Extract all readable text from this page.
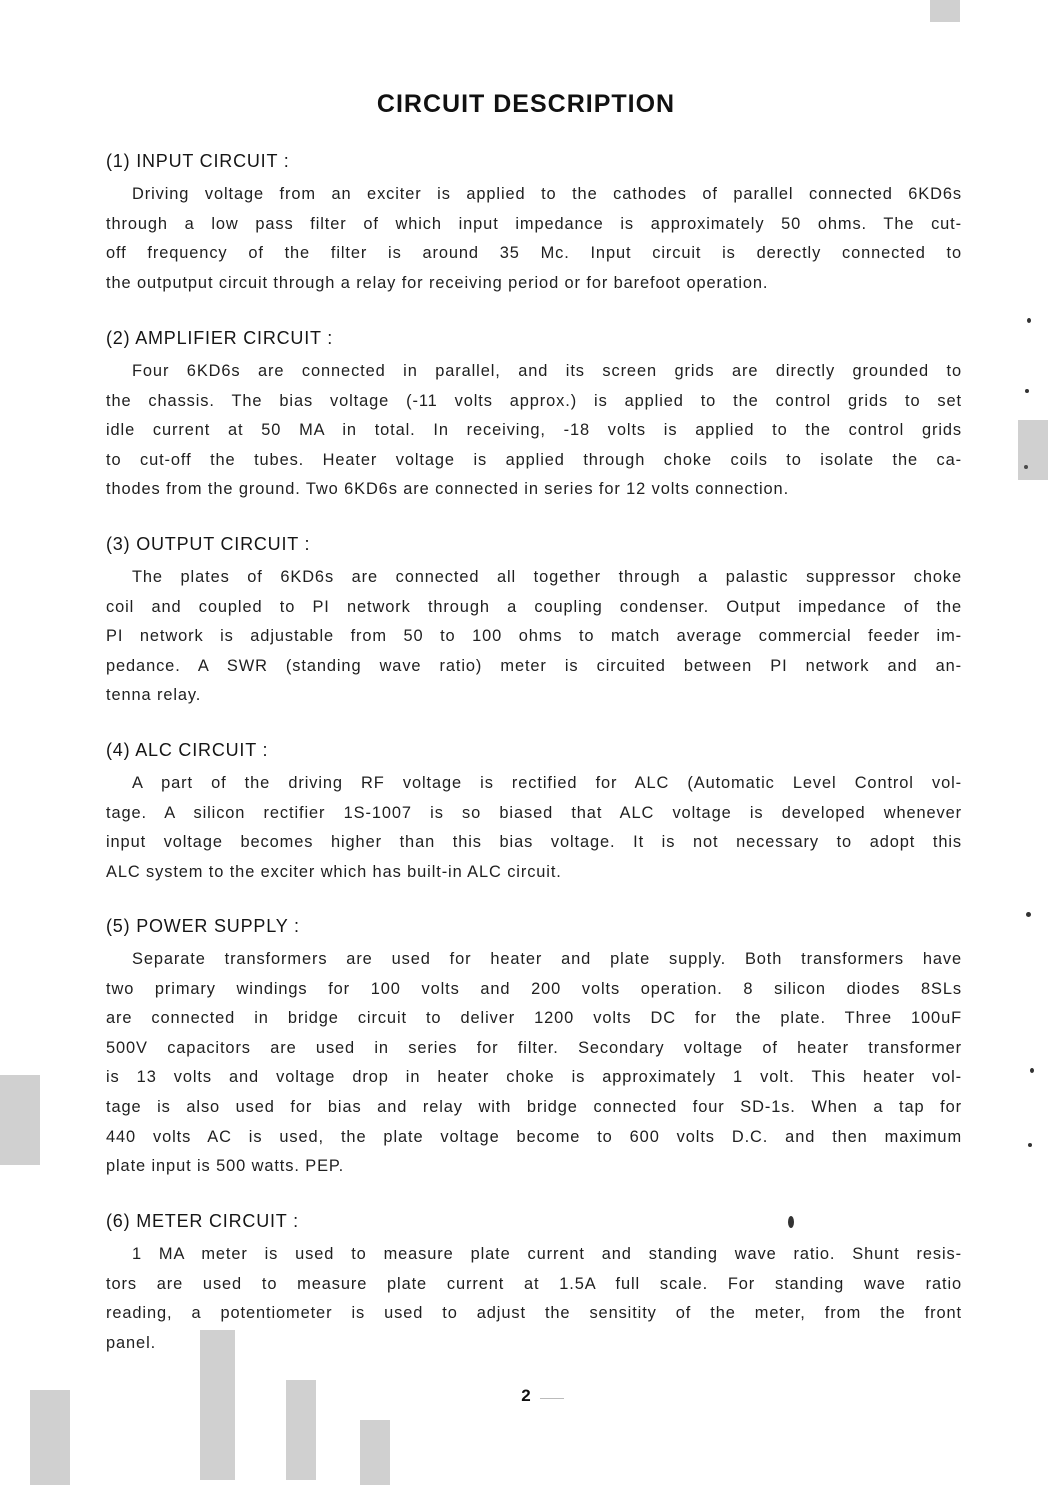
CIRCUIT DESCRIPTION
(1) INPUT CIRCUIT :
Driving voltage from an exciter is applied to the cathodes of parallel connected 6KD6s
through a low pass filter of which input impedance is approximately 50 ohms. The cut-
off frequency of the filter is around 35 Mc. Input circuit is derectly connected to
the outputput circuit through a relay for receiving period or for barefoot operation.
(2) AMPLIFIER CIRCUIT :
Four 6KD6s are connected in parallel, and its screen grids are directly grounded to
the chassis. The bias voltage (-11 volts approx.) is applied to the control grids to set
idle current at 50 MA in total. In receiving, -18 volts is applied to the control grids
to cut-off the tubes. Heater voltage is applied through choke coils to isolate the ca-
thodes from the ground. Two 6KD6s are connected in series for 12 volts connection.
(3) OUTPUT CIRCUIT :
The plates of 6KD6s are connected all together through a palastic suppressor choke
coil and coupled to PI network through a coupling condenser. Output impedance of the
PI network is adjustable from 50 to 100 ohms to match average commercial feeder im-
pedance. A SWR (standing wave ratio) meter is circuited between PI network and an-
tenna relay.
(4) ALC CIRCUIT :
A part of the driving RF voltage is rectified for ALC (Automatic Level Control vol-
tage. A silicon rectifier 1S-1007 is so biased that ALC voltage is developed whenever
input voltage becomes higher than this bias voltage. It is not necessary to adopt this
ALC system to the exciter which has built-in ALC circuit.
(5) POWER SUPPLY :
Separate transformers are used for heater and plate supply. Both transformers have
two primary windings for 100 volts and 200 volts operation. 8 silicon diodes 8SLs
are connected in bridge circuit to deliver 1200 volts DC for the plate. Three 100uF
500V capacitors are used in series for filter. Secondary voltage of heater transformer
is 13 volts and voltage drop in heater choke is approximately 1 volt. This heater vol-
tage is also used for bias and relay with bridge connected four SD-1s. When a tap for
440 volts AC is used, the plate voltage become to 600 volts D.C. and then maximum
plate input is 500 watts. PEP.
(6) METER CIRCUIT :
1 MA meter is used to measure plate current and standing wave ratio. Shunt resis-
tors are used to measure plate current at 1.5A full scale. For standing wave ratio
reading, a potentiometer is used to adjust the sensitity of the meter, from the front
panel.
2
